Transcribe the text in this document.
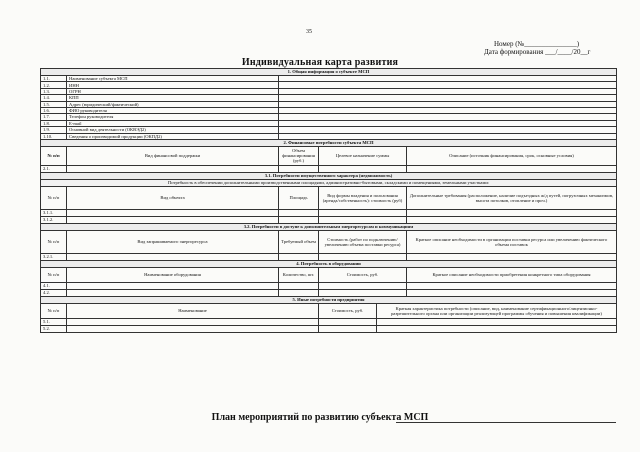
35
Номер (№_______________)
Дата формирования ___/____/20__г
Индивидуальная карта развития
1. Общая информация о субъекте МСП					
1.1.	Наименование субъекта МСП				
1.2.	ИНН				
1.3.	ОГРН				
1.4.	КПП				
1.5.	Адрес (юридический/фактический)				
1.6.	ФИО руководителя				
1.7.	Телефон руководителя				
1.8.	E-mail				
1.9.	Основной вид деятельности (ОКВЭД2)				
1.10.	Сведения о производимой продукции (ОКПД2)				
2. Финансовые потребности субъекта МСП					
№ п/п	Вид финансовой поддержки	Объем финансирования (руб.)	Целевое назначение суммы		Описание (источник финансирования, срок, основные условия)
2.1.					
3.1. Потребности имущественного характера (недвижимость)					
Потребность в обеспечении дополнительными производственными площадями, административно-бытовыми, складскими и помещениями, земельными участками:					
№ п/п	Вид объекта	Площадь	Вид формы владения и пользования (аренда/собственность): стоимость (руб)		Дополнительные требования (расположение, наличие подъездных ж/д путей, погрузочных механизмов, высота потолков, отопление и проч.)
3.1.1.					
3.1.2.					
3.2. Потребности в доступе к дополнительным энергоресурсам и коммуникациям					
№ п/п	Вид запрашиваемого энергоресурса	Требуемый объем	Стоимость (работ по подключению/увеличению объема поставки ресурса)		Краткое описание необходимости в организации поставки ресурса или увеличению фактического объема поставок
3.2.1.					
4. Потребность в оборудовании					
№ п/п	Наименование оборудования	Количество, шт.	Стоимость, руб.		Краткое описание необходимости приобретения конкретного типа оборудования
4.1.					
4.2.					
5. Иные потребности предприятия					
№ п/п	Наименование		Стоимость, руб.	Краткая характеристика потребности (описание, вид, наименование сертификационного/лицензионно-разрешительного органа или организации реализующей программы обучения и повышения квалификации)	
5.1.					
5.2.					
План мероприятий по развитию субъекта МСП
